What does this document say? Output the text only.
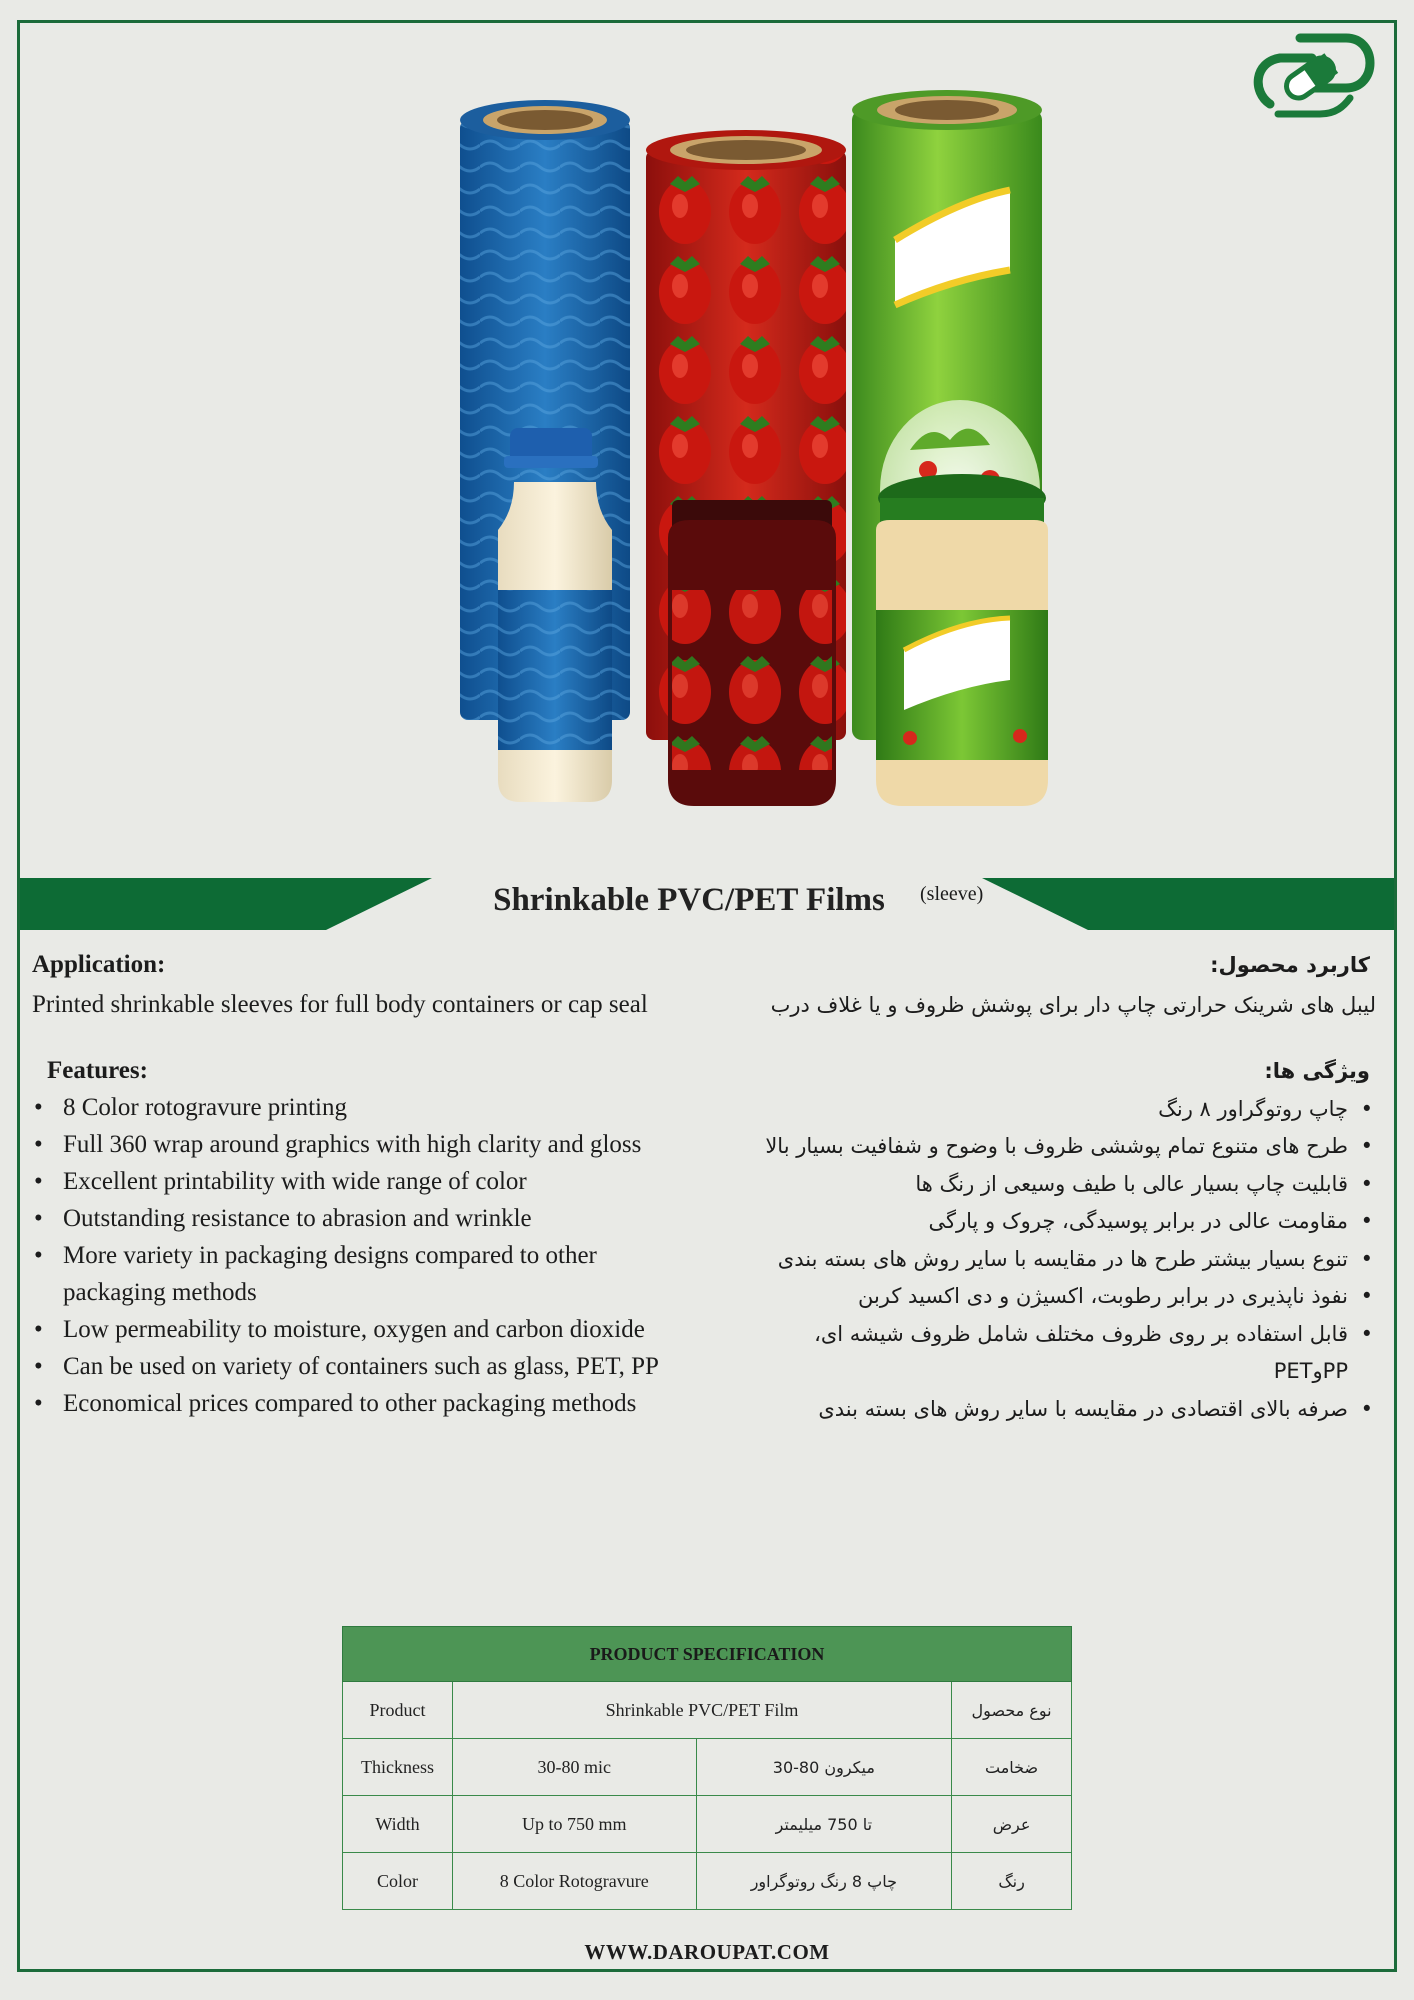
Shrinkable PVC/PET Films	(sleeve)
Application:
Printed shrinkable sleeves for full body containers or cap seal
کاربرد محصول:
لیبل های شرینک حرارتی چاپ دار برای پوشش ظروف و یا غلاف درب
Features:
• 8 Color rotogravure printing
• Full 360 wrap around graphics with high clarity and gloss
• Excellent printability with wide range of color
• Outstanding resistance to abrasion and wrinkle
• More variety in packaging designs compared to other packaging methods
• Low permeability to moisture, oxygen and carbon dioxide
• Can be used on variety of containers such as glass, PET, PP
• Economical prices compared to other packaging methods
ویژگی ها:
• چاپ روتوگراور ۸ رنگ
• طرح های متنوع تمام پوششی ظروف با وضوح و شفافیت بسیار بالا
• قابلیت چاپ بسیار عالی با طیف وسیعی از رنگ ها
• مقاومت عالی در برابر پوسیدگی، چروک و پارگی
• تنوع بسیار بیشتر طرح ها در مقایسه با سایر روش های بسته بندی
• نفوذ ناپذیری در برابر رطوبت، اکسیژن و دی اکسید کربن
• قابل استفاده بر روی ظروف مختلف شامل ظروف شیشه ای، PPوPET
• صرفه بالای اقتصادی در مقایسه با سایر روش های بسته بندی
PRODUCT SPECIFICATION			
Product	Shrinkable PVC/PET Film		نوع محصول
Thickness	30-80 mic	میکرون 80-30	ضخامت
Width	Up to 750 mm	تا 750 میلیمتر	عرض
Color	8 Color Rotogravure	چاپ 8 رنگ روتوگراور	رنگ
WWW.DAROUPAT.COM
